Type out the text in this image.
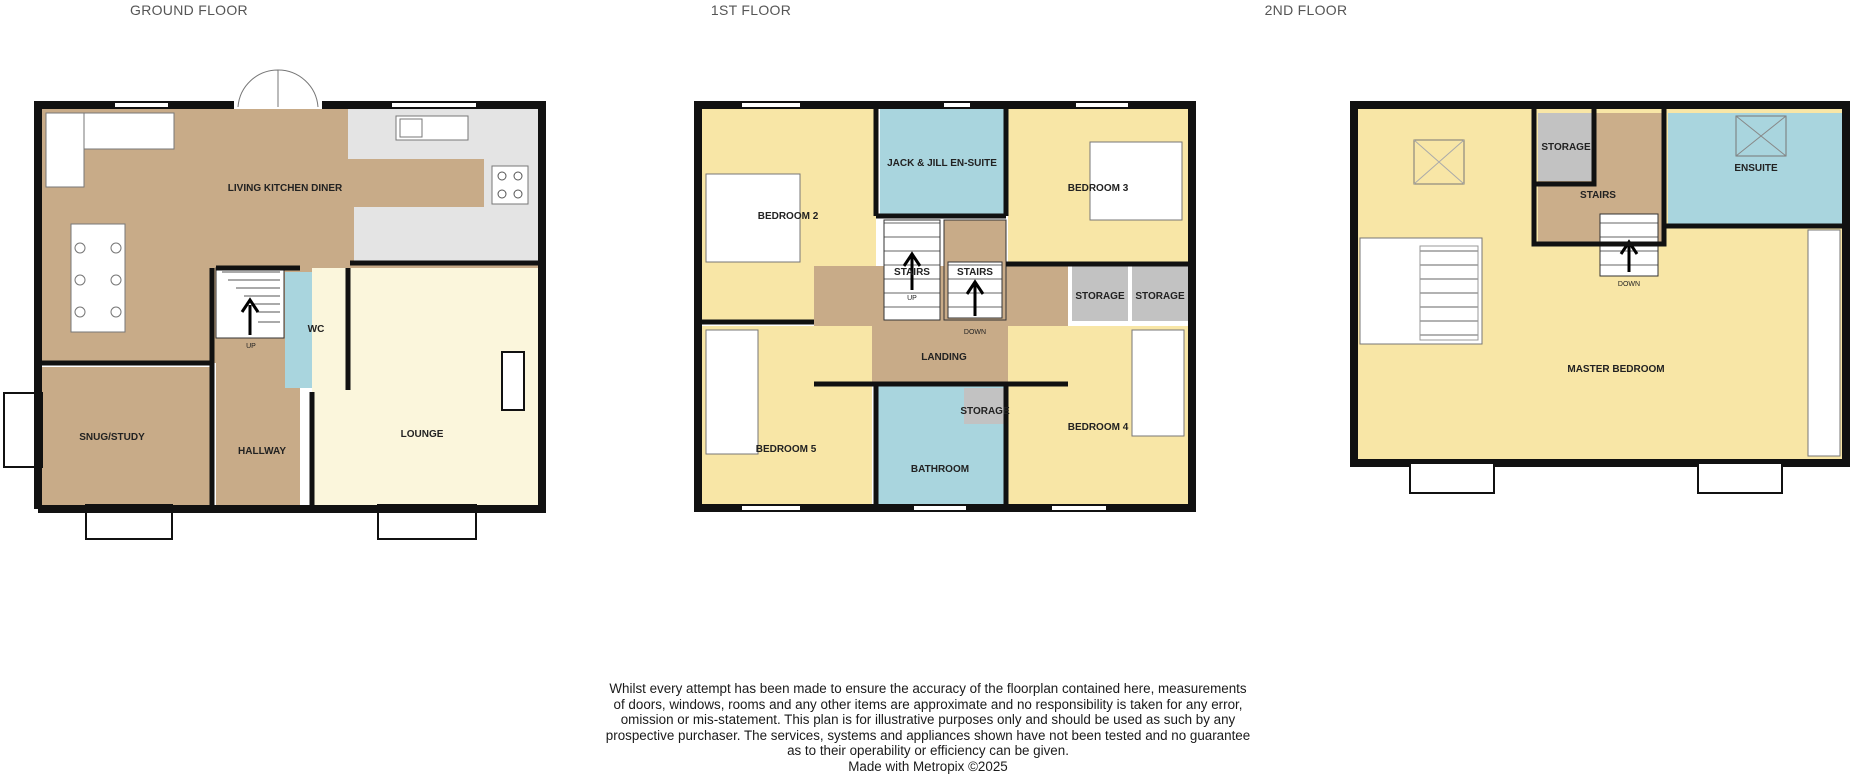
GROUND FLOOR	1ST FLOOR	2ND FLOOR
UP
LIVING KITCHEN DINER
SNUG/STUDY
HALLWAY
WC
LOUNGE
UP
DOWN
BEDROOM 2
JACK & JILL EN-SUITE
BEDROOM 3
STAIRS	STAIRS
STORAGE STORAGE
STORAGE
LANDING
BEDROOM 5
BATHROOM
BEDROOM 4
DOWN
STORAGE
STAIRS
ENSUITE
MASTER BEDROOM

Whilst every attempt has been made to ensure the accuracy of the floorplan contained here, measurements

of doors, windows, rooms and any other items are approximate and no responsibility is taken for any error,

omission or mis-statement. This plan is for illustrative purposes only and should be used as such by any

prospective purchaser. The services, systems and appliances shown have not been tested and no guarantee

as to their operability or efficiency can be given.

Made with Metropix ©2025
